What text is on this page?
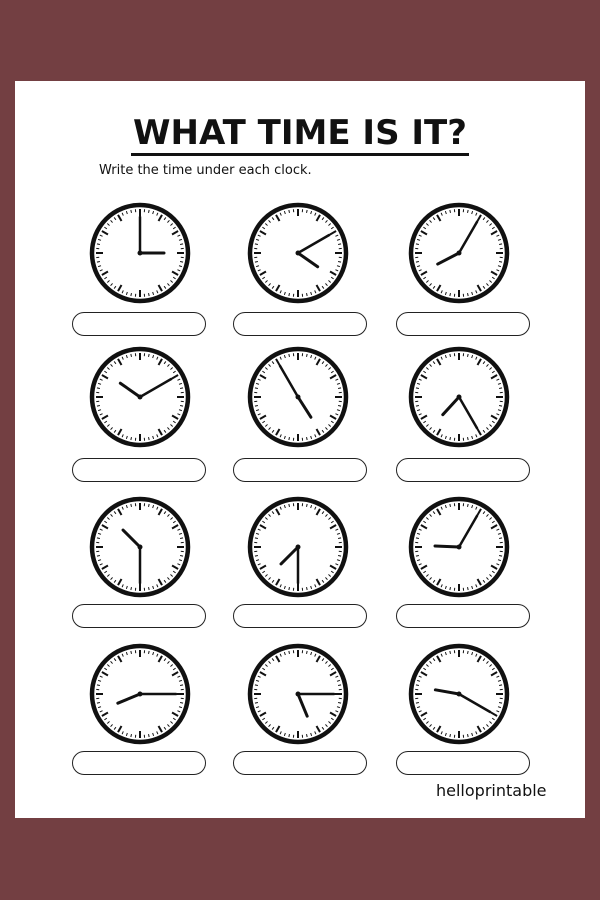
WHAT TIME IS IT?
Write the time under each clock.
helloprintable
